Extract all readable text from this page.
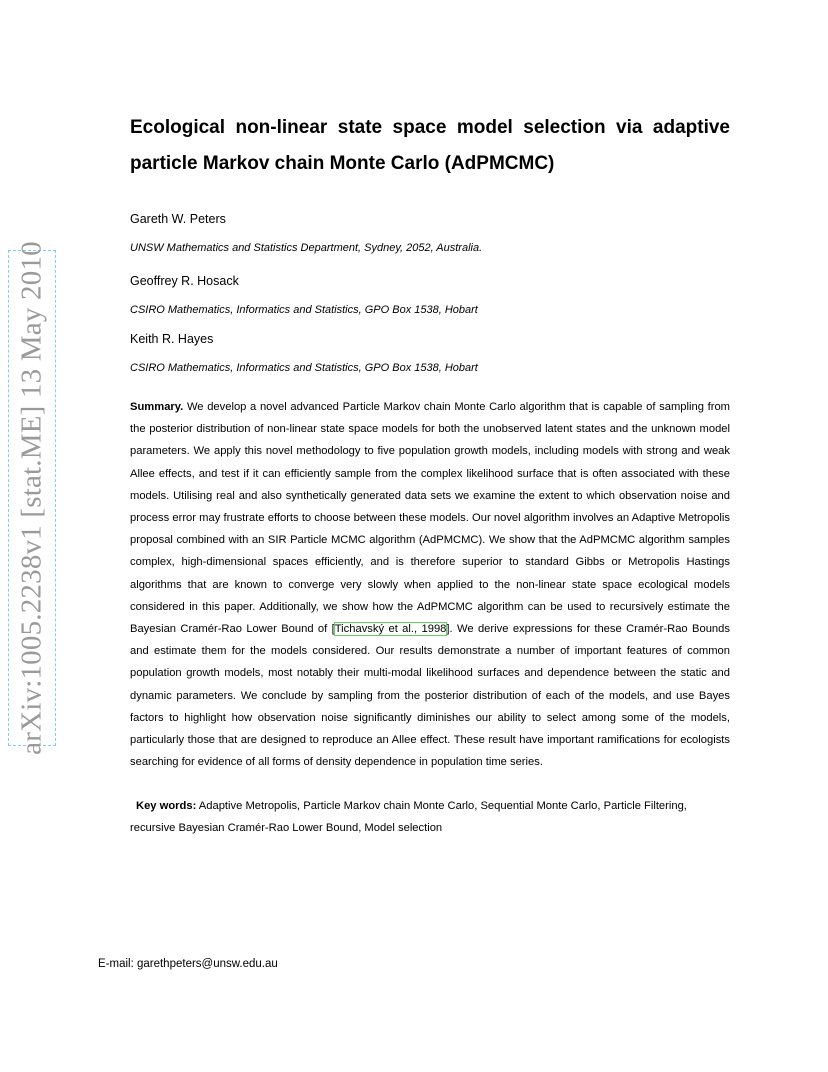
arXiv:1005.2238v1 [stat.ME] 13 May 2010
Ecological non-linear state space model selection via adaptive particle Markov chain Monte Carlo (AdPMCMC)
Gareth W. Peters
UNSW Mathematics and Statistics Department, Sydney, 2052, Australia.
Geoffrey R. Hosack
CSIRO Mathematics, Informatics and Statistics, GPO Box 1538, Hobart
Keith R. Hayes
CSIRO Mathematics, Informatics and Statistics, GPO Box 1538, Hobart

Summary. We develop a novel advanced Particle Markov chain Monte Carlo algorithm that is capable of sampling from the posterior distribution of non-linear state space models for both the unobserved latent states and the unknown model parameters. We apply this novel methodology to five population growth models, including models with strong and weak Allee effects, and test if it can efficiently sample from the complex likelihood surface that is often associated with these models. Utilising real and also synthetically generated data sets we examine the extent to which observation noise and process error may frustrate efforts to choose between these models. Our novel algorithm involves an Adaptive Metropolis proposal combined with an SIR Particle MCMC algorithm (AdPMCMC). We show that the AdPMCMC algorithm samples complex, high-dimensional spaces efficiently, and is therefore superior to standard Gibbs or Metropolis Hastings algorithms that are known to converge very slowly when applied to the non-linear state space ecological models considered in this paper. Additionally, we show how the AdPMCMC algorithm can be used to recursively estimate the Bayesian Cramér-Rao Lower Bound of [Tichavský et al., 1998]. We derive expressions for these Cramér-Rao Bounds and estimate them for the models considered. Our results demonstrate a number of important features of common population growth models, most notably their multi-modal likelihood surfaces and dependence between the static and dynamic parameters. We conclude by sampling from the posterior distribution of each of the models, and use Bayes factors to highlight how observation noise significantly diminishes our ability to select among some of the models, particularly those that are designed to reproduce an Allee effect. These result have important ramifications for ecologists searching for evidence of all forms of density dependence in population time series.

Key words: Adaptive Metropolis, Particle Markov chain Monte Carlo, Sequential Monte Carlo, Particle Filtering, recursive Bayesian Cramér-Rao Lower Bound, Model selection

E-mail: garethpeters@unsw.edu.au
